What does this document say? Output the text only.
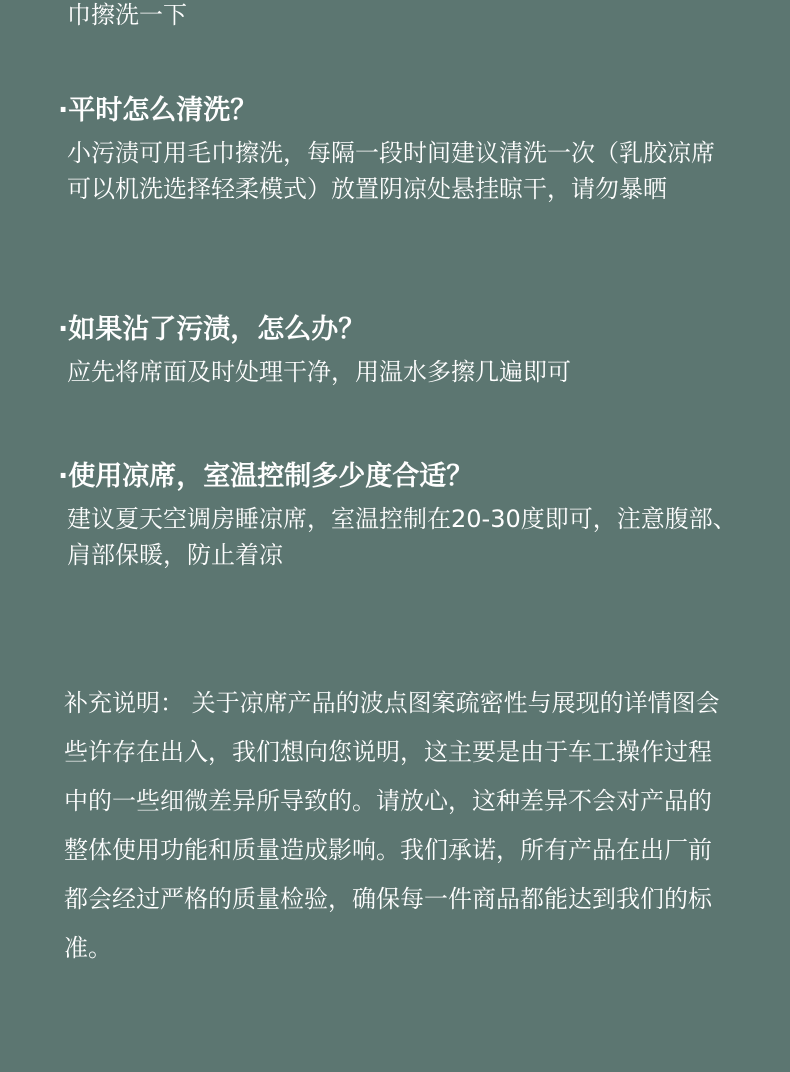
巾擦洗一下
·平时怎么清洗？

小污渍可用毛巾擦洗，每隔一段时间建议清洗一次（乳胶凉席可以机洗选择轻柔模式）放置阴凉处悬挂晾干，请勿暴晒

·如果沾了污渍，怎么办？

应先将席面及时处理干净，用温水多擦几遍即可

·使用凉席，室温控制多少度合适？

建议夏天空调房睡凉席，室温控制在20-30度即可，注意腹部、肩部保暖，防止着凉

补充说明： 关于凉席产品的波点图案疏密性与展现的详情图会些许存在出入，我们想向您说明，这主要是由于车工操作过程中的一些细微差异所导致的。请放心，这种差异不会对产品的整体使用功能和质量造成影响。我们承诺，所有产品在出厂前都会经过严格的质量检验，确保每一件商品都能达到我们的标准。
